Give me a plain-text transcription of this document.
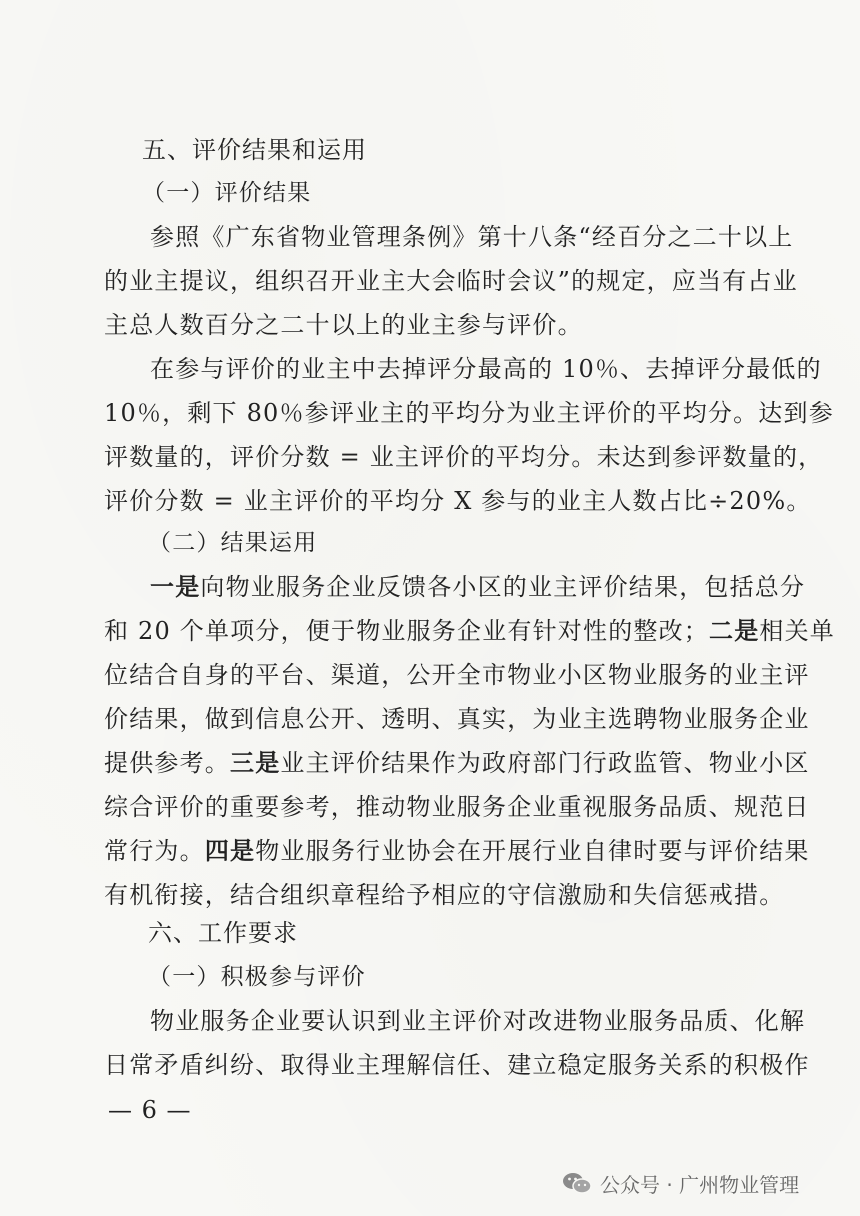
五、评价结果和运用

（一）评价结果

参照《广东省物业管理条例》第十八条“经百分之二十以上

的业主提议，组织召开业主大会临时会议”的规定，应当有占业

主总人数百分之二十以上的业主参与评价。

在参与评价的业主中去掉评分最高的 10％、去掉评分最低的

10％，剩下 80％参评业主的平均分为业主评价的平均分。达到参

评数量的，评价分数 = 业主评价的平均分。未达到参评数量的，

评价分数 = 业主评价的平均分 X 参与的业主人数占比÷20%。

（二）结果运用

一是向物业服务企业反馈各小区的业主评价结果，包括总分

和 20 个单项分，便于物业服务企业有针对性的整改；二是相关单

位结合自身的平台、渠道，公开全市物业小区物业服务的业主评

价结果，做到信息公开、透明、真实，为业主选聘物业服务企业

提供参考。三是业主评价结果作为政府部门行政监管、物业小区

综合评价的重要参考，推动物业服务企业重视服务品质、规范日

常行为。四是物业服务行业协会在开展行业自律时要与评价结果

有机衔接，结合组织章程给予相应的守信激励和失信惩戒措。

六、工作要求

（一）积极参与评价

物业服务企业要认识到业主评价对改进物业服务品质、化解

日常矛盾纠纷、取得业主理解信任、建立稳定服务关系的积极作

— 6 —

公众号 · 广州物业管理
